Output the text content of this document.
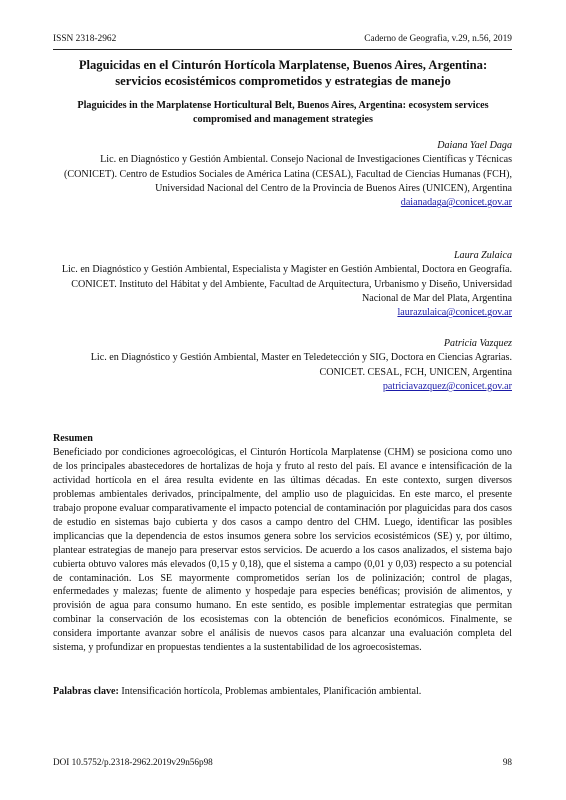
ISSN 2318-2962	Caderno de Geografia, v.29, n.56, 2019
Plaguicidas en el Cinturón Hortícola Marplatense, Buenos Aires, Argentina: servicios ecosistémicos comprometidos y estrategias de manejo
Plaguicides in the Marplatense Horticultural Belt, Buenos Aires, Argentina: ecosystem services compromised and management strategies
Daiana Yael Daga
Lic. en Diagnóstico y Gestión Ambiental. Consejo Nacional de Investigaciones Científicas y Técnicas (CONICET). Centro de Estudios Sociales de América Latina (CESAL), Facultad de Ciencias Humanas (FCH), Universidad Nacional del Centro de la Provincia de Buenos Aires (UNICEN), Argentina
daianadaga@conicet.gov.ar
Laura Zulaica
Lic. en Diagnóstico y Gestión Ambiental, Especialista y Magister en Gestión Ambiental, Doctora en Geografía. CONICET. Instituto del Hábitat y del Ambiente, Facultad de Arquitectura, Urbanismo y Diseño, Universidad Nacional de Mar del Plata, Argentina
laurazulaica@conicet.gov.ar
Patricia Vazquez
Lic. en Diagnóstico y Gestión Ambiental, Master en Teledetección y SIG, Doctora en Ciencias Agrarias. CONICET. CESAL, FCH, UNICEN, Argentina
patriciavazquez@conicet.gov.ar
Resumen

Beneficiado por condiciones agroecológicas, el Cinturón Hortícola Marplatense (CHM) se posiciona como uno de los principales abastecedores de hortalizas de hoja y fruto al resto del país. El avance e intensificación de la actividad hortícola en el área resulta evidente en las últimas décadas. En este contexto, surgen diversos problemas ambientales derivados, principalmente, del amplio uso de plaguicidas. En este marco, el presente trabajo propone evaluar comparativamente el impacto potencial de contaminación por plaguicidas para dos casos de estudio en sistemas bajo cubierta y dos casos a campo dentro del CHM. Luego, identificar las posibles implicancias que la dependencia de estos insumos genera sobre los servicios ecosistémicos (SE) y, por último, plantear estrategias de manejo para preservar estos servicios. De acuerdo a los casos analizados, el sistema bajo cubierta obtuvo valores más elevados (0,15 y 0,18), que el sistema a campo (0,01 y 0,03) respecto a su potencial de contaminación. Los SE mayormente comprometidos serían los de polinización; control de plagas, enfermedades y malezas; fuente de alimento y hospedaje para especies benéficas; provisión de alimentos, y provisión de agua para consumo humano. En este sentido, es posible implementar estrategias que permitan combinar la conservación de los ecosistemas con la obtención de beneficios económicos. Finalmente, se considera importante avanzar sobre el análisis de nuevos casos para alcanzar una evaluación completa del sistema, y profundizar en propuestas tendientes a la sustentabilidad de los agroecosistemas.

Palabras clave: Intensificación hortícola, Problemas ambientales, Planificación ambiental.
DOI 10.5752/p.2318-2962.2019v29n56p98	98
